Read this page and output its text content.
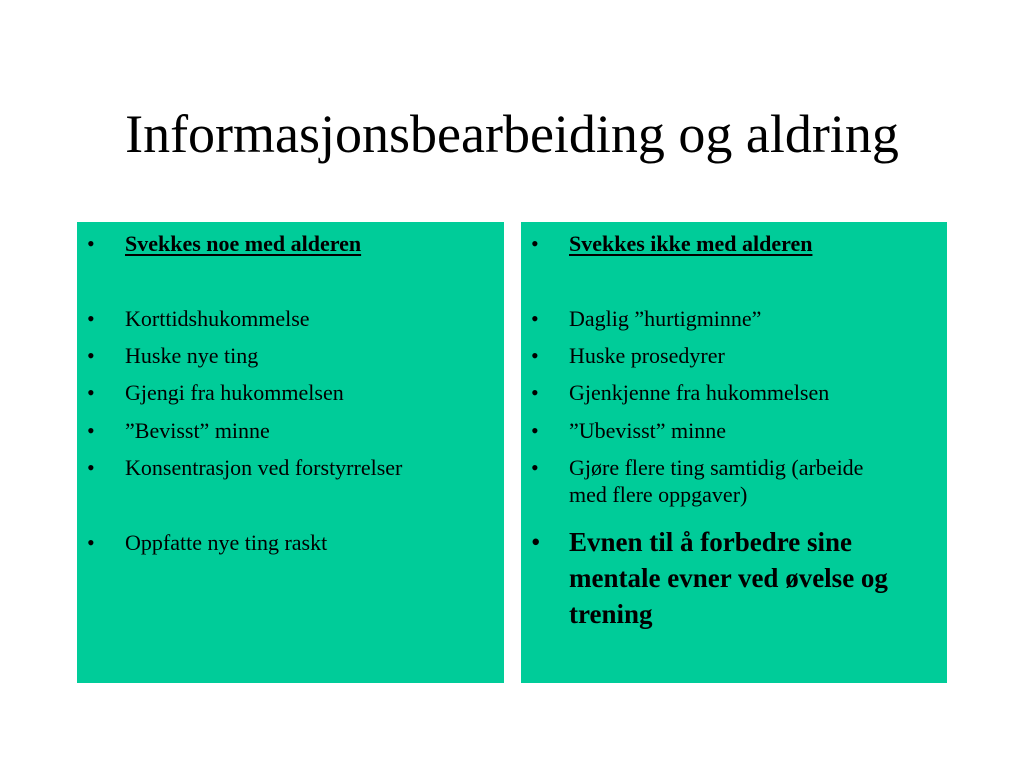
Informasjonsbearbeiding og aldring
•	Svekkes noe med alderen
•	Korttidshukommelse
•	Huske nye ting
•	Gjengi fra hukommelsen
•	”Bevisst” minne
•	Konsentrasjon ved forstyrrelser
•	Oppfatte nye ting raskt
•	Svekkes ikke med alderen
•	Daglig ”hurtigminne”
•	Huske prosedyrer
•	Gjenkjenne fra hukommelsen
•	”Ubevisst” minne
•	Gjøre flere ting samtidig (arbeide med flere oppgaver)
• Evnen til å forbedre sine mentale evner ved øvelse og trening
